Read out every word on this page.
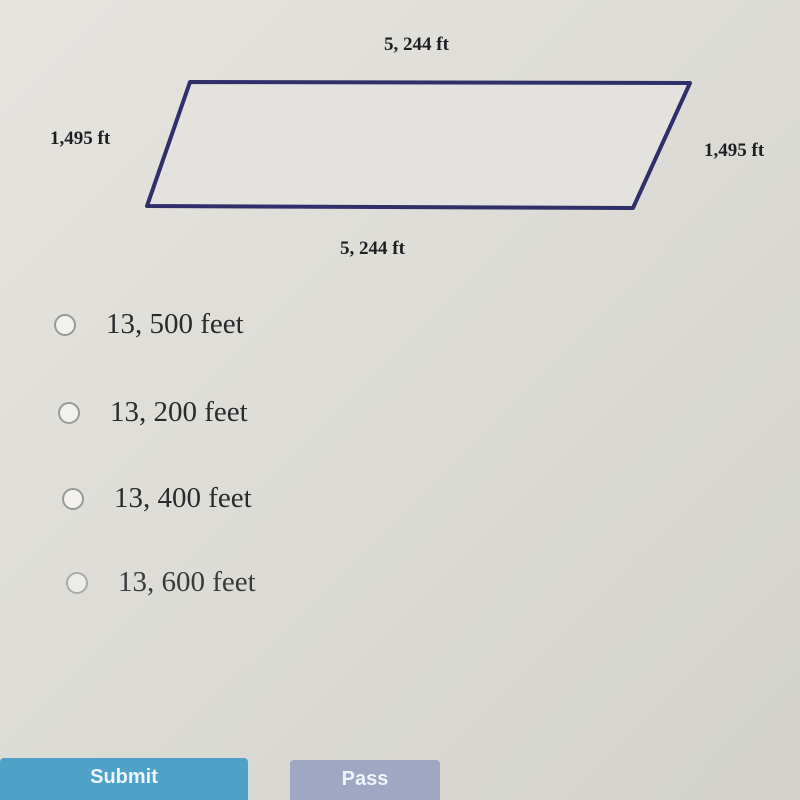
5, 244 ft
5, 244 ft
1,495 ft
1,495 ft
13, 500 feet
13, 200 feet
13, 400 feet
13, 600 feet
Submit	Pass
